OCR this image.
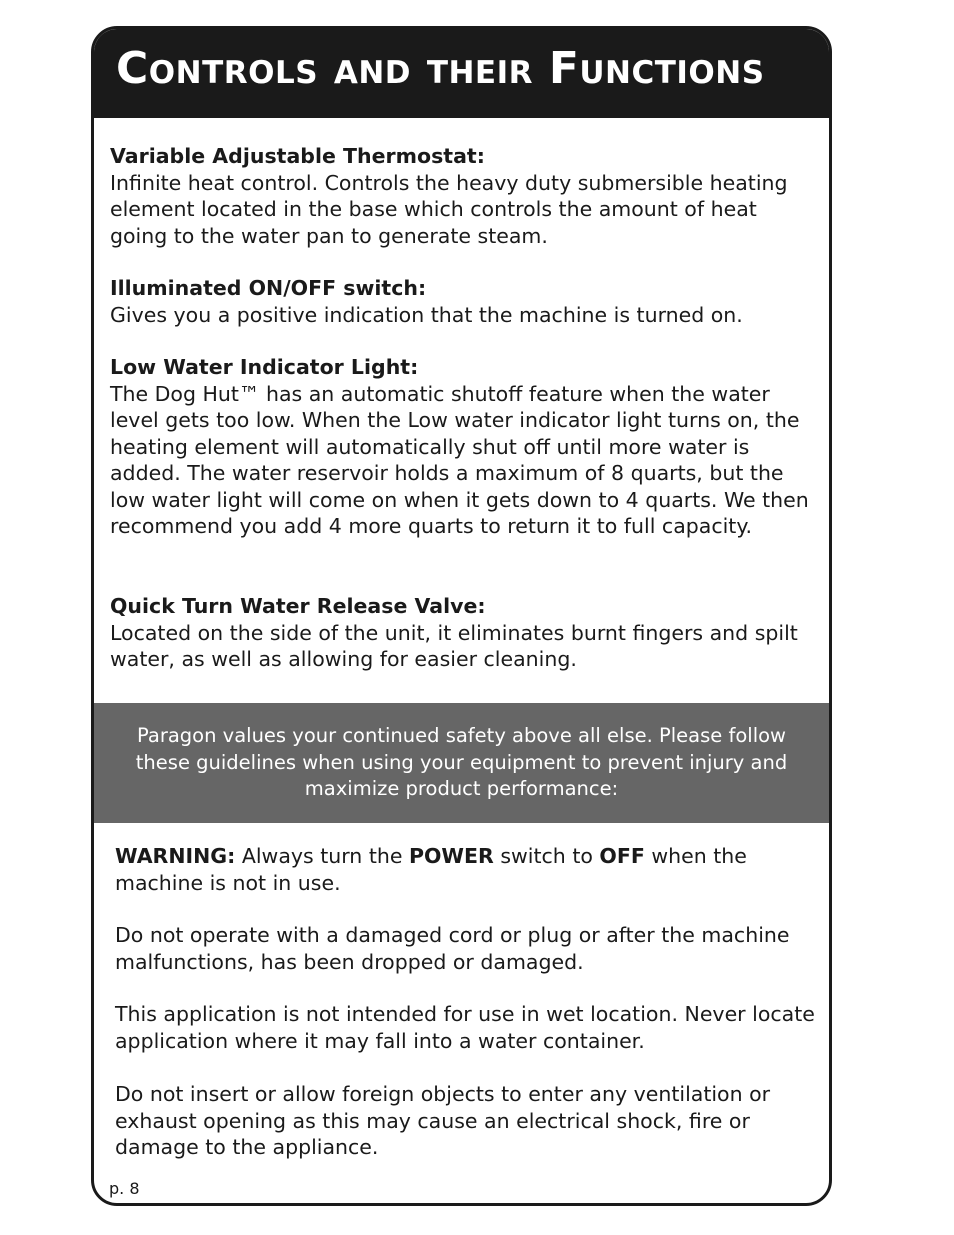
Controls and their Functions
Variable Adjustable Thermostat:
Infinite heat control. Controls the heavy duty submersible heating element located in the base which controls the amount of heat going to the water pan to generate steam.
Illuminated ON/OFF switch:
Gives you a positive indication that the machine is turned on.
Low Water Indicator Light:
The Dog Hut™ has an automatic shutoff feature when the water level gets too low. When the Low water indicator light turns on, the heating element will automatically shut off until more water is added. The water reservoir holds a maximum of 8 quarts, but the low water light will come on when it gets down to 4 quarts. We then recommend you add 4 more quarts to return it to full capacity.
Quick Turn Water Release Valve:
Located on the side of the unit, it eliminates burnt fingers and spilt water, as well as allowing for easier cleaning.

Paragon values your continued safety above all else. Please follow these guidelines when using your equipment to prevent injury and maximize product performance:

WARNING: Always turn the POWER switch to OFF when the machine is not in use.
Do not operate with a damaged cord or plug or after the machine malfunctions, has been dropped or damaged.
This application is not intended for use in wet location. Never locate application where it may fall into a water container.
Do not insert or allow foreign objects to enter any ventilation or exhaust opening as this may cause an electrical shock, fire or damage to the appliance.
p. 8
